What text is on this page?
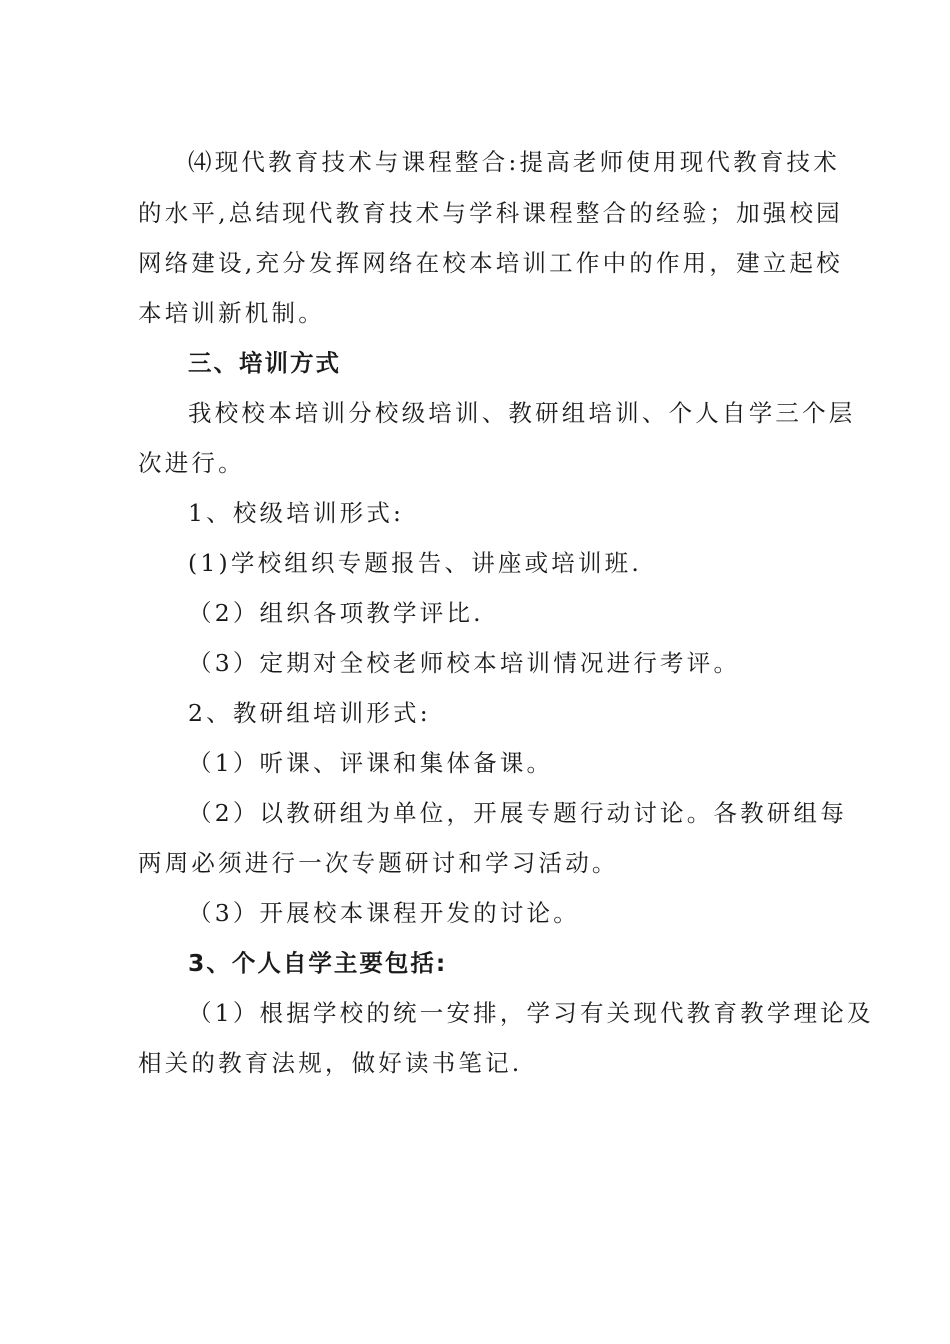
⑷现代教育技术与课程整合:提高老师使用现代教育技术
的水平,总结现代教育技术与学科课程整合的经验；加强校园
网络建设,充分发挥网络在校本培训工作中的作用，建立起校
本培训新机制。
三、培训方式
我校校本培训分校级培训、教研组培训、个人自学三个层
次进行。
1、校级培训形式:
(1)学校组织专题报告、讲座或培训班.
（2）组织各项教学评比.
（3）定期对全校老师校本培训情况进行考评。
2、教研组培训形式:
（1）听课、评课和集体备课。
（2）以教研组为单位，开展专题行动讨论。各教研组每
两周必须进行一次专题研讨和学习活动。
（3）开展校本课程开发的讨论。
3、个人自学主要包括:
（1）根据学校的统一安排，学习有关现代教育教学理论及
相关的教育法规，做好读书笔记.
